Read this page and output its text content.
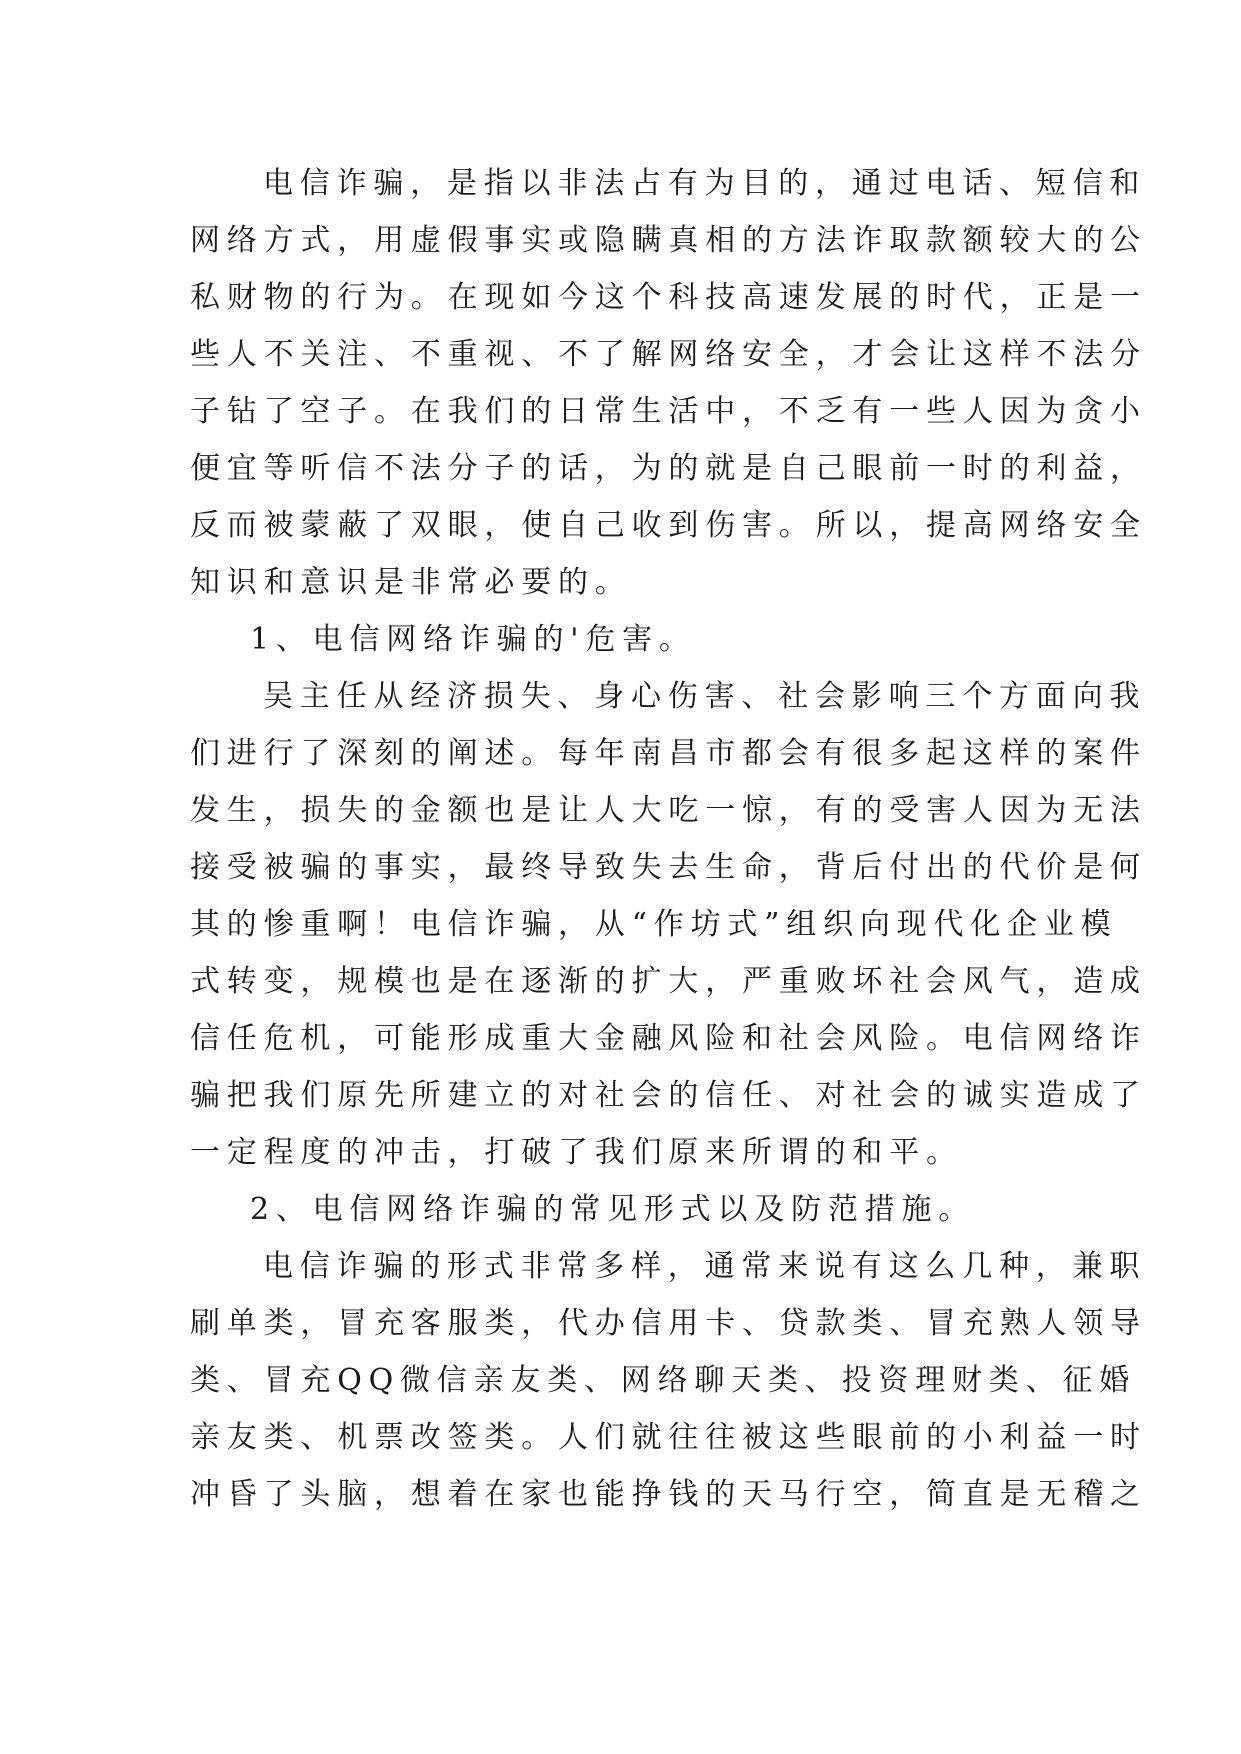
电信诈骗，是指以非法占有为目的，通过电话、短信和
网络方式，用虚假事实或隐瞒真相的方法诈取款额较大的公
私财物的行为。在现如今这个科技高速发展的时代，正是一
些人不关注、不重视、不了解网络安全，才会让这样不法分
子钻了空子。在我们的日常生活中，不乏有一些人因为贪小
便宜等听信不法分子的话，为的就是自己眼前一时的利益，
反而被蒙蔽了双眼，使自己收到伤害。所以，提高网络安全
知识和意识是非常必要的。
1、电信网络诈骗的'危害。
吴主任从经济损失、身心伤害、社会影响三个方面向我
们进行了深刻的阐述。每年南昌市都会有很多起这样的案件
发生，损失的金额也是让人大吃一惊，有的受害人因为无法
接受被骗的事实，最终导致失去生命，背后付出的代价是何
其的惨重啊！电信诈骗，从“作坊式”组织向现代化企业模
式转变，规模也是在逐渐的扩大，严重败坏社会风气，造成
信任危机，可能形成重大金融风险和社会风险。电信网络诈
骗把我们原先所建立的对社会的信任、对社会的诚实造成了
一定程度的冲击，打破了我们原来所谓的和平。
2、电信网络诈骗的常见形式以及防范措施。
电信诈骗的形式非常多样，通常来说有这么几种，兼职
刷单类，冒充客服类，代办信用卡、贷款类、冒充熟人领导
类、冒充QQ微信亲友类、网络聊天类、投资理财类、征婚
亲友类、机票改签类。人们就往往被这些眼前的小利益一时
冲昏了头脑，想着在家也能挣钱的天马行空，简直是无稽之
